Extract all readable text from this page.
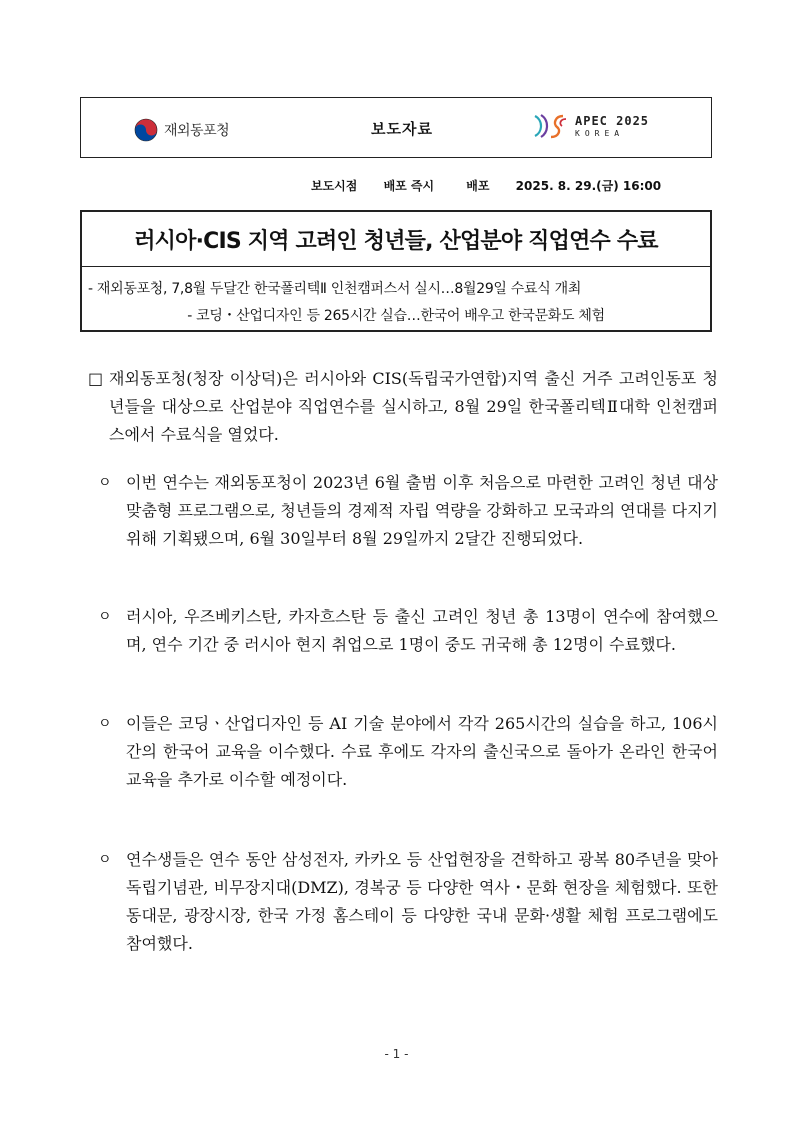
재외동포청	보도자료	APEC 2025
KOREA
보도시점 배포 즉시	배포 2025. 8. 29.(금) 16:00
러시아·CIS 지역 고려인 청년들, 산업분야 직업연수 수료
- 재외동포청, 7,8월 두달간 한국폴리텍Ⅱ 인천캠퍼스서 실시…8월29일 수료식 개최
- 코딩・산업디자인 등 265시간 실습…한국어 배우고 한국문화도 체험
□ 재외동포청(청장 이상덕)은 러시아와 CIS(독립국가연합)지역 출신 거주 고려인동포 청년들을 대상으로 산업분야 직업연수를 실시하고, 8월 29일 한국폴리텍Ⅱ대학 인천캠퍼스에서 수료식을 열었다.
ㅇ 이번 연수는 재외동포청이 2023년 6월 출범 이후 처음으로 마련한 고려인 청년 대상 맞춤형 프로그램으로, 청년들의 경제적 자립 역량을 강화하고 모국과의 연대를 다지기 위해 기획됐으며, 6월 30일부터 8월 29일까지 2달간 진행되었다.
ㅇ 러시아, 우즈베키스탄, 카자흐스탄 등 출신 고려인 청년 총 13명이 연수에 참여했으며, 연수 기간 중 러시아 현지 취업으로 1명이 중도 귀국해 총 12명이 수료했다.
ㅇ 이들은 코딩ㆍ산업디자인 등 AI 기술 분야에서 각각 265시간의 실습을 하고, 106시간의 한국어 교육을 이수했다. 수료 후에도 각자의 출신국으로 돌아가 온라인 한국어 교육을 추가로 이수할 예정이다.
ㅇ 연수생들은 연수 동안 삼성전자, 카카오 등 산업현장을 견학하고 광복 80주년을 맞아 독립기념관, 비무장지대(DMZ), 경복궁 등 다양한 역사・문화 현장을 체험했다. 또한 동대문, 광장시장, 한국 가정 홈스테이 등 다양한 국내 문화·생활 체험 프로그램에도 참여했다.
- 1 -
